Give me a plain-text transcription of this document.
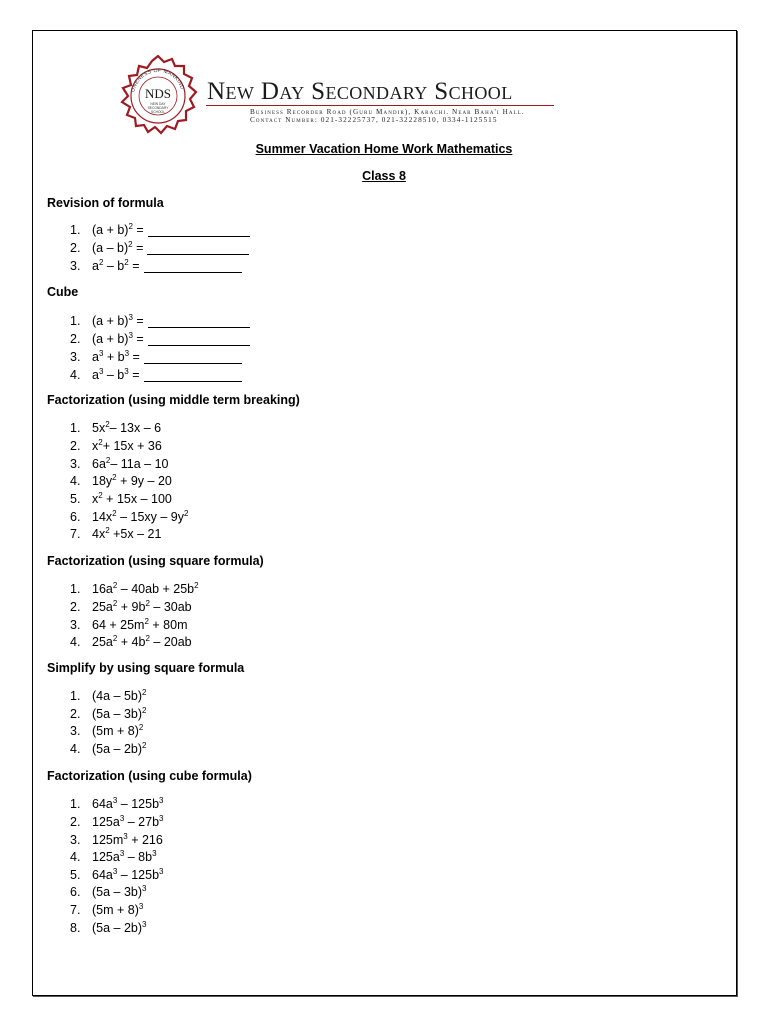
ONENESS OF MANKIND
NDS
NEW DAY
SECONDARY
SCHOOL
New Day Secondary School
Business Recorder Road (Guru Mandir), Karachi. Near Baha'i Hall.
Contact Number: 021-32225737, 021-32228510, 0334-1125515
Summer Vacation Home Work Mathematics
Class 8
Revision of formula
1. $(a + b)^2$ =
2. (a – b)$^2$ =
3. $a^2 - b^2$ =
Cube
1. $(a + b)^3$ =
2. $(a + b)^3$ =
3. $a^3 + b^3$ =
4. $a^3 - b^3$ =
Factorization (using middle term breaking)
1. $5x^2-$ 13x – 6
2. $x^2+ 15x + 36$
3. $6a^2-$ 11a – 10
4. $18y^2 + 9y - 20$
5. $x^2 + 15x - 100$
6. $14x^2 - 15xy - 9y^2$
7. $4x^2 +5x - 21$
Factorization (using square formula)
1. $16a^2 - 40ab + 25b^2$
2. $25a^2 + 9b^2 - 30ab$
3. $64 + 25m^2 + 80m$
4. $25a^2 + 4b^2 - 20ab$
Simplify by using square formula
1. (4a – 5b)$^2$
2. (5a – 3b)$^2$
3. $(5m + 8)^2$
4. (5a – 2b)$^2$
Factorization (using cube formula)
1. $64a^3 - 125b^3$
2. $125a^3 - 27b^3$
3. $125m^3 + 216$
4. $125a^3 - 8b^3$
5. $64a^3 - 125b^3$
6. (5a – 3b)$^3$
7. $(5m + 8)^3$
8. (5a – 2b)$^3$
